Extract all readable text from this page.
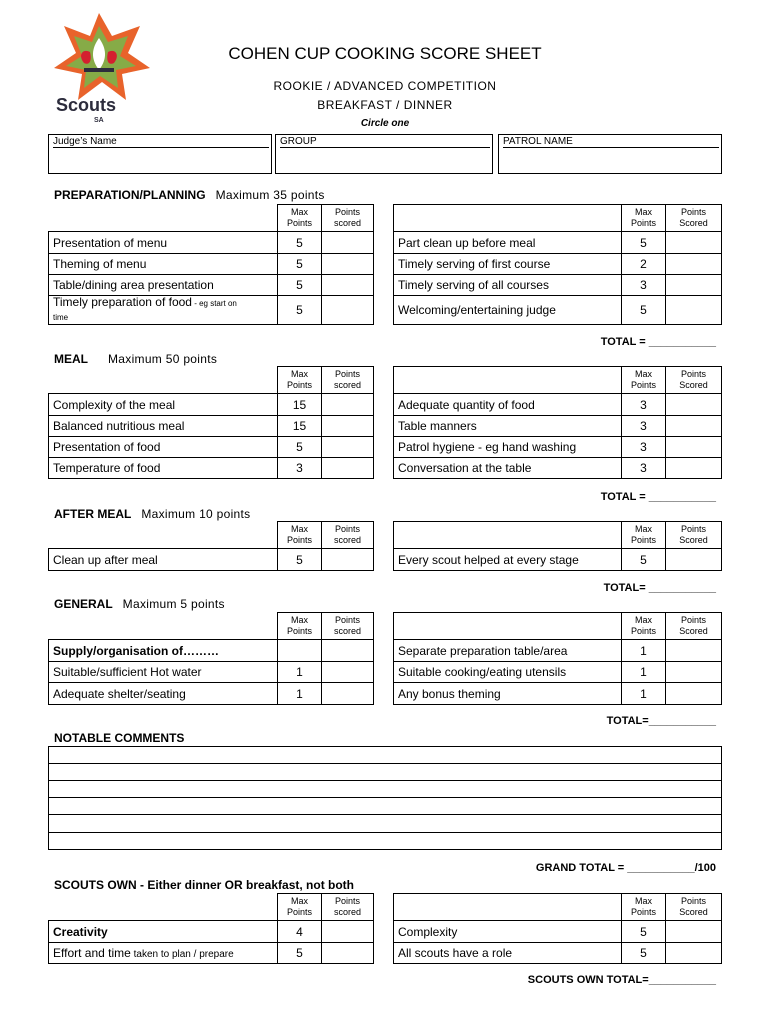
Scouts
SA
COHEN CUP COOKING SCORE SHEET
ROOKIE / ADVANCED COMPETITION
BREAKFAST / DINNER
Circle one
Judge’s Name	GROUP	PATROL NAME
PREPARATION/PLANNING Maximum 35 points
	Max Points	Points scored
Presentation of menu	5	
Theming of menu	5	
Table/dining area presentation	5	
Timely preparation of food - eg start on
time	5	
	Max Points	Points Scored
Part clean up before meal	5	
Timely serving of first course	2	
Timely serving of all courses	3	
Welcoming/entertaining judge	5	
TOTAL = ___________
MEAL Maximum 50 points
	Max Points	Points scored
Complexity of the meal	15	
Balanced nutritious meal	15	
Presentation of food	5	
Temperature of food	3	
	Max Points	Points Scored
Adequate quantity of food	3	
Table manners	3	
Patrol hygiene - eg hand washing	3	
Conversation at the table	3	
TOTAL = ___________
AFTER MEAL Maximum 10 points
	Max Points	Points scored
Clean up after meal	5	
	Max Points	Points Scored
Every scout helped at every stage	5	
TOTAL= ___________
GENERAL Maximum 5 points
	Max Points	Points scored
Supply/organisation of………		
Suitable/sufficient Hot water	1	
Adequate shelter/seating	1	
	Max Points	Points Scored
Separate preparation table/area	1	
Suitable cooking/eating utensils	1	
Any bonus theming	1	
TOTAL=___________
NOTABLE COMMENTS
GRAND TOTAL = ___________/100
SCOUTS OWN - Either dinner OR breakfast, not both
	Max Points	Points scored
Creativity	4	
Effort and time taken to plan / prepare	5	
	Max Points	Points Scored
Complexity	5	
All scouts have a role	5	
SCOUTS OWN TOTAL=___________
